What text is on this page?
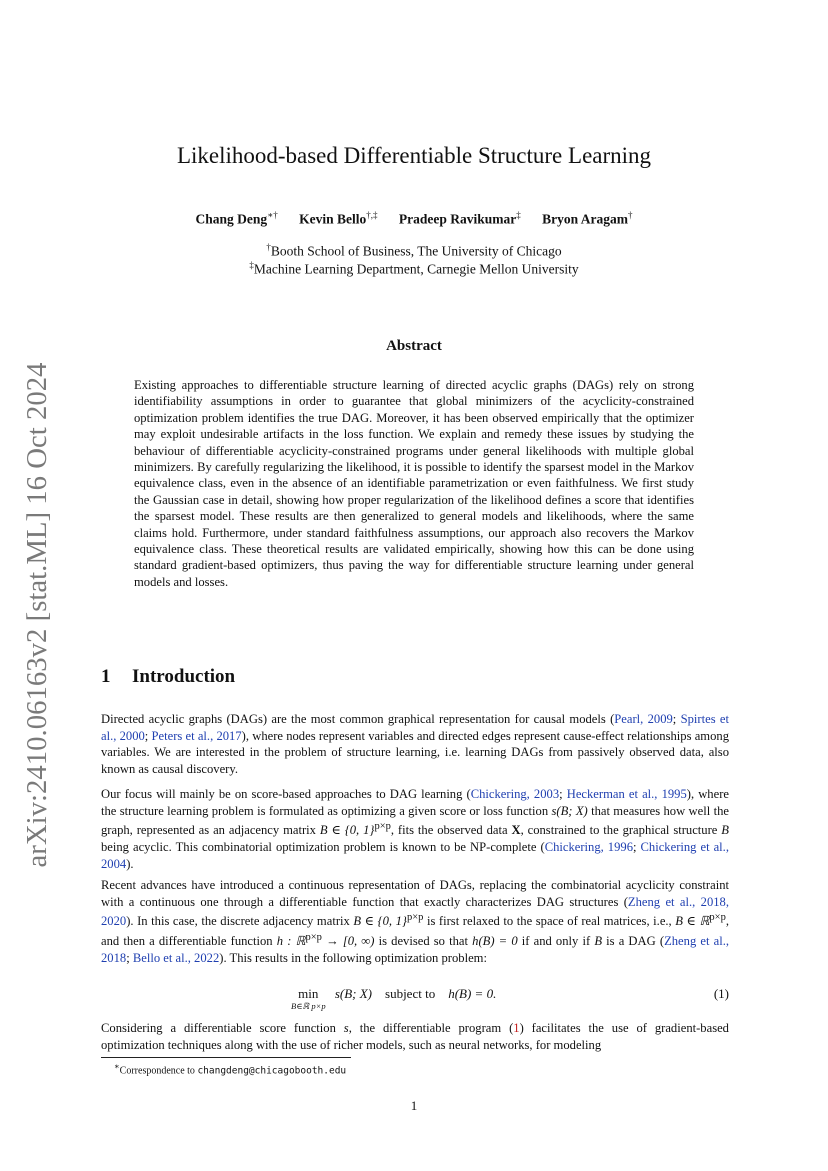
arXiv:2410.06163v2 [stat.ML] 16 Oct 2024
Likelihood-based Differentiable Structure Learning
Chang Deng∗† Kevin Bello†,‡ Pradeep Ravikumar‡ Bryon Aragam†
†Booth School of Business, The University of Chicago
‡Machine Learning Department, Carnegie Mellon University
Abstract

Existing approaches to differentiable structure learning of directed acyclic graphs (DAGs) rely on strong identifiability assumptions in order to guarantee that global minimizers of the acyclicity-constrained optimization problem identifies the true DAG. Moreover, it has been observed empirically that the optimizer may exploit undesirable artifacts in the loss function. We explain and remedy these issues by studying the behaviour of differentiable acyclicity-constrained programs under general likelihoods with multiple global minimizers. By carefully regularizing the likelihood, it is possible to identify the sparsest model in the Markov equivalence class, even in the absence of an identifiable parametrization or even faithfulness. We first study the Gaussian case in detail, showing how proper regularization of the likelihood defines a score that identifies the sparsest model. These results are then generalized to general models and likelihoods, where the same claims hold. Furthermore, under standard faithfulness assumptions, our approach also recovers the Markov equivalence class. These theoretical results are validated empirically, showing how this can be done using standard gradient-based optimizers, thus paving the way for differentiable structure learning under general models and losses.

1 Introduction

Directed acyclic graphs (DAGs) are the most common graphical representation for causal models (Pearl, 2009; Spirtes et al., 2000; Peters et al., 2017), where nodes represent variables and directed edges represent cause-effect relationships among variables. We are interested in the problem of structure learning, i.e. learning DAGs from passively observed data, also known as causal discovery.

Our focus will mainly be on score-based approaches to DAG learning (Chickering, 2003; Heckerman et al., 1995), where the structure learning problem is formulated as optimizing a given score or loss function s(B; X) that measures how well the graph, represented as an adjacency matrix B ∈ {0, 1}$^{p\times p}$, fits the observed data X, constrained to the graphical structure B being acyclic. This combinatorial optimization problem is known to be NP-complete (Chickering, 1996; Chickering et al., 2004).

Recent advances have introduced a continuous representation of DAGs, replacing the combinatorial acyclicity constraint with a continuous one through a differentiable function that exactly characterizes DAG structures (Zheng et al., 2018, 2020). In this case, the discrete adjacency matrix B ∈ {0, 1}$^{p\times p}$ is first relaxed to the space of real matrices, i.e., B ∈ ℝ$^{p\times p}$, and then a differentiable function h : ℝ$^{p\times p}$ → [0, ∞) is devised so that h(B) = 0 if and only if B is a DAG (Zheng et al., 2018; Bello et al., 2022). This results in the following optimization problem:

min
B∈ℝ p×p
s(B; X) subject to h(B) = 0.	(1)

Considering a differentiable score function s, the differentiable program (1) facilitates the use of gradient-based optimization techniques along with the use of richer models, such as neural networks, for modeling

∗Correspondence to changdeng@chicagobooth.edu
1
